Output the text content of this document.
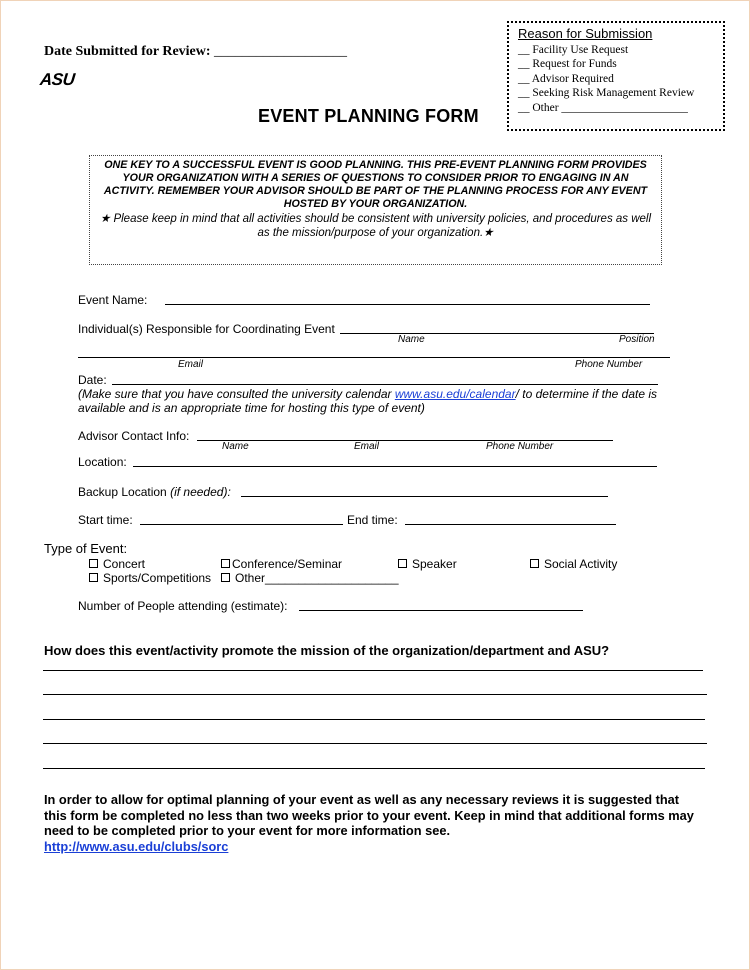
Date Submitted for Review: ___________________
ASU
EVENT PLANNING FORM
Reason for Submission
__ Facility Use Request
__ Request for Funds
__ Advisor Required
__ Seeking Risk Management Review
__ Other ______________________
ONE KEY TO A SUCCESSFUL EVENT IS GOOD PLANNING. THIS PRE-EVENT PLANNING FORM PROVIDES YOUR ORGANIZATION WITH A SERIES OF QUESTIONS TO CONSIDER PRIOR TO ENGAGING IN AN ACTIVITY. REMEMBER YOUR ADVISOR SHOULD BE PART OF THE PLANNING PROCESS FOR ANY EVENT HOSTED BY YOUR ORGANIZATION.
★ Please keep in mind that all activities should be consistent with university policies, and procedures as well as the mission/purpose of your organization.★
Event Name:
Individual(s) Responsible for Coordinating Event
Name	Position
Email	Phone Number
Date:
(Make sure that you have consulted the university calendar www.asu.edu/calendar/ to determine if the date is
available and is an appropriate time for hosting this type of event)
Advisor Contact Info:
Name	Email	Phone Number
Location:
Backup Location (if needed):
Start time:	End time:
Type of Event:
Concert	Conference/Seminar	Speaker	Social Activity
Sports/Competitions	Other____________________
Number of People attending (estimate):
How does this event/activity promote the mission of the organization/department and ASU?
In order to allow for optimal planning of your event as well as any necessary reviews it is suggested that this form be completed no less than two weeks prior to your event. Keep in mind that additional forms may need to be completed prior to your event for more information see.
http://www.asu.edu/clubs/sorc
